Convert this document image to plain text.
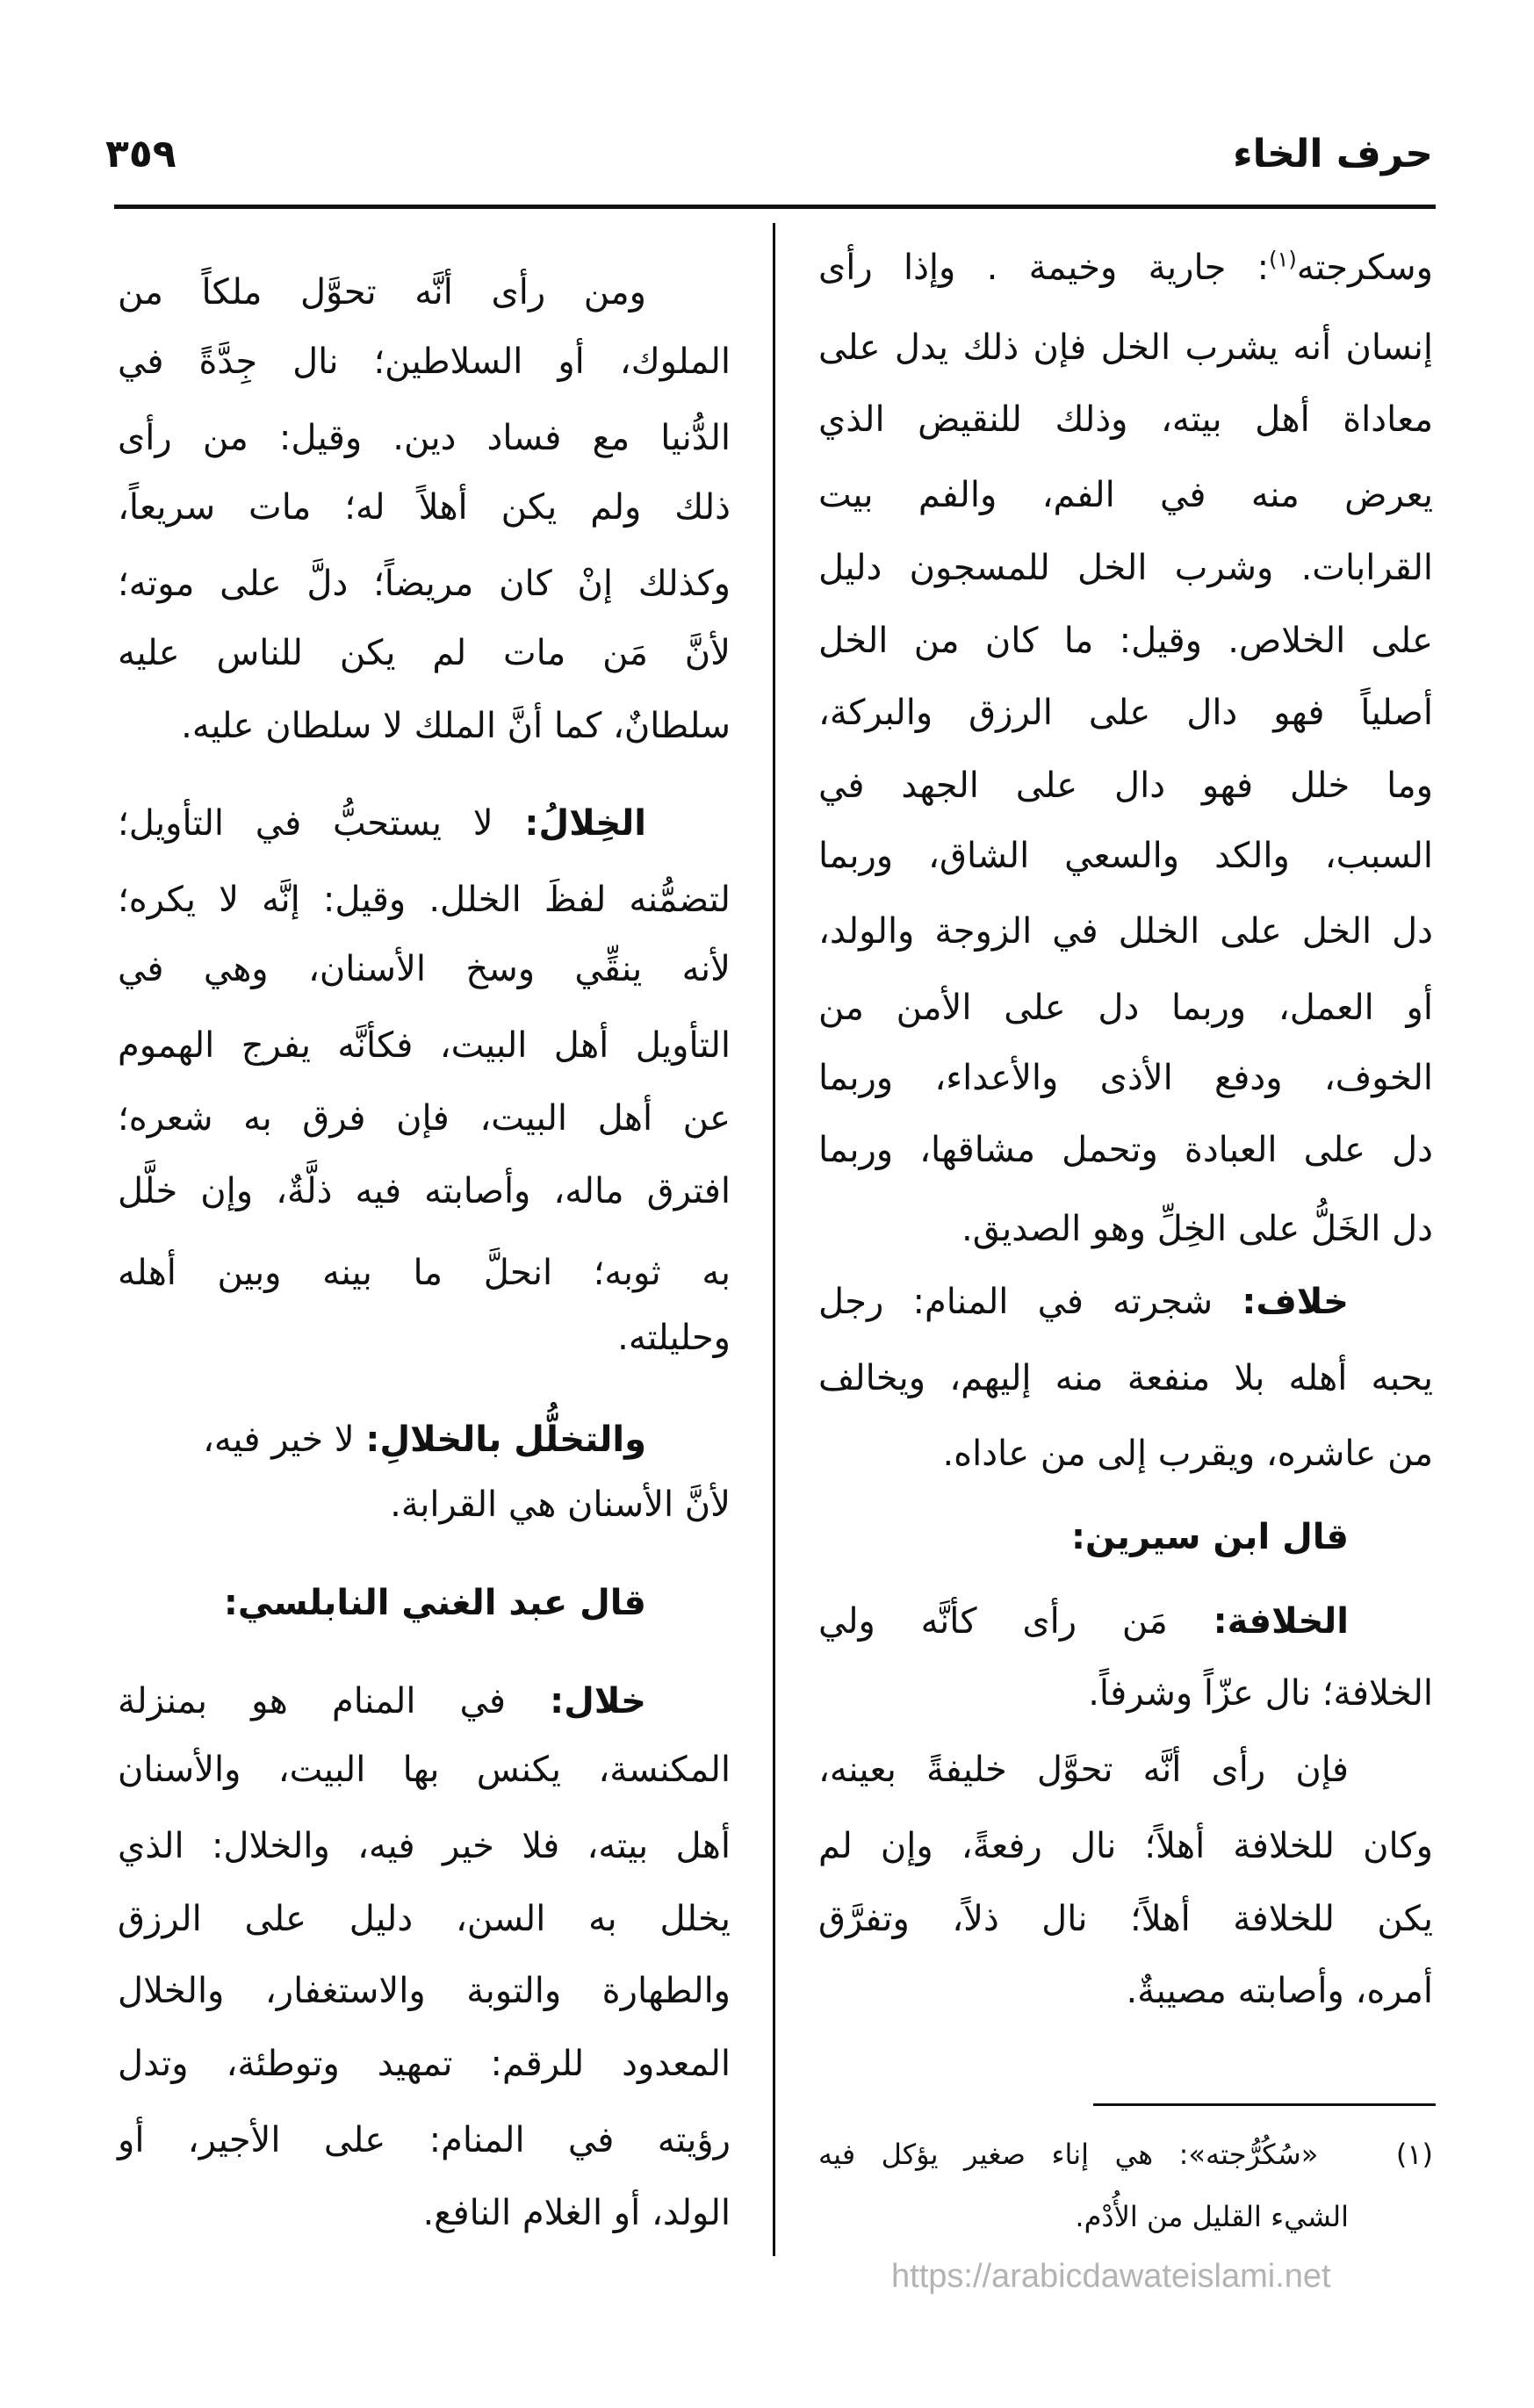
حرف الخاء
٣٥٩
وسكرجته$^{(١)}$: جارية وخيمة . وإذا رأى
إنسان أنه يشرب الخل فإن ذلك يدل على
معاداة أهل بيته، وذلك للنقيض الذي
يعرض منه في الفم، والفم بيت
القرابات. وشرب الخل للمسجون دليل
على الخلاص. وقيل: ما كان من الخل
أصلياً فهو دال على الرزق والبركة،
وما خلل فهو دال على الجهد في
السبب، والكد والسعي الشاق، وربما
دل الخل على الخلل في الزوجة والولد،
أو العمل، وربما دل على الأمن من
الخوف، ودفع الأذى والأعداء، وربما
دل على العبادة وتحمل مشاقها، وربما
دل الخَلُّ على الخِلِّ وهو الصديق.
خلاف: شجرته في المنام: رجل
يحبه أهله بلا منفعة منه إليهم، ويخالف
من عاشره، ويقرب إلى من عاداه.
قال ابن سيرين:
الخلافة: مَن رأى كأنَّه ولي
الخلافة؛ نال عزّاً وشرفاً.
فإن رأى أنَّه تحوَّل خليفةً بعينه،
وكان للخلافة أهلاً؛ نال رفعةً، وإن لم
يكن للخلافة أهلاً؛ نال ذلاً، وتفرَّق
أمره، وأصابته مصيبةٌ.
(١)   «سُكُرُّجته»: هي إناء صغير يؤكل فيه
الشيء القليل من الأُدْم.
ومن رأى أنَّه تحوَّل ملكاً من
الملوك، أو السلاطين؛ نال جِدَّةً في
الدُّنيا مع فساد دين. وقيل: من رأى
ذلك ولم يكن أهلاً له؛ مات سريعاً،
وكذلك إنْ كان مريضاً؛ دلَّ على موته؛
لأنَّ مَن مات لم يكن للناس عليه
سلطانٌ، كما أنَّ الملك لا سلطان عليه.
الخِلالُ: لا يستحبُّ في التأويل؛
لتضمُّنه لفظَ الخلل. وقيل: إنَّه لا يكره؛
لأنه ينقِّي وسخ الأسنان، وهي في
التأويل أهل البيت، فكأنَّه يفرج الهموم
عن أهل البيت، فإن فرق به شعره؛
افترق ماله، وأصابته فيه ذلَّةٌ، وإن خلَّل
به ثوبه؛ انحلَّ ما بينه وبين أهله
وحليلته.
والتخلُّل بالخلالِ: لا خير فيه،
لأنَّ الأسنان هي القرابة.
قال عبد الغني النابلسي:
خلال: في المنام هو بمنزلة
المكنسة، يكنس بها البيت، والأسنان
أهل بيته، فلا خير فيه، والخلال: الذي
يخلل به السن، دليل على الرزق
والطهارة والتوبة والاستغفار، والخلال
المعدود للرقم: تمهيد وتوطئة، وتدل
رؤيته في المنام: على الأجير، أو
الولد، أو الغلام النافع.
https://arabicdawateislami.net
